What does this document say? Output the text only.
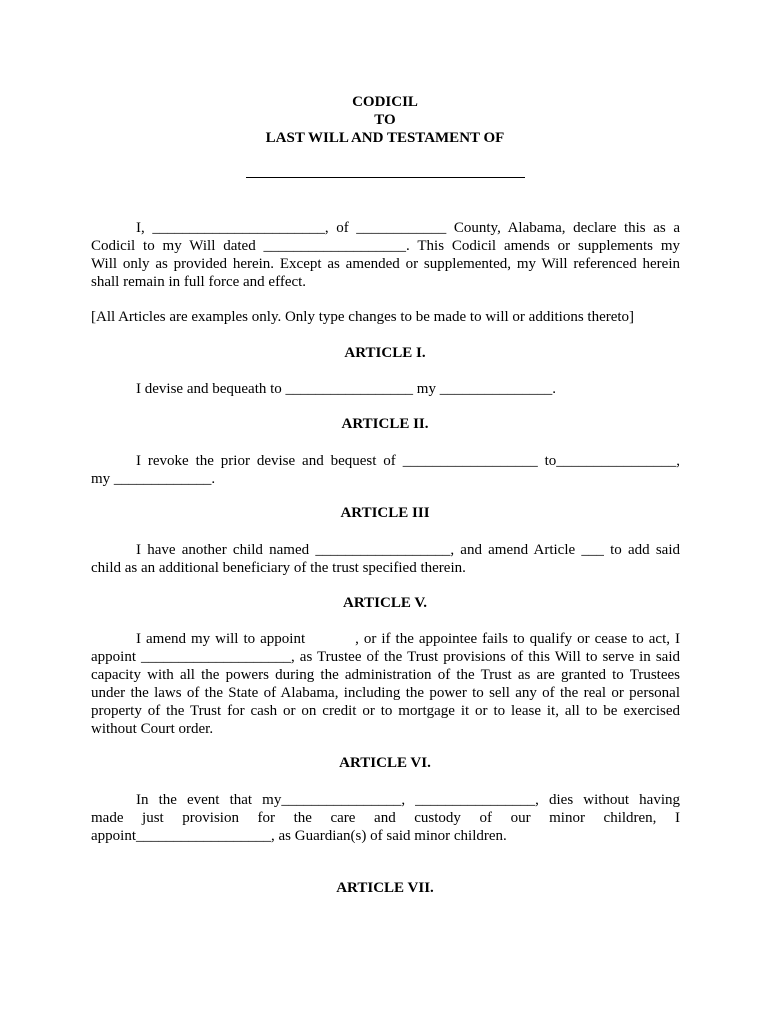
CODICIL
TO
LAST WILL AND TESTAMENT OF

I, _______________________, of ____________ County, Alabama, declare this as a

Codicil to my Will dated ___________________. This Codicil amends or supplements my

Will only as provided herein. Except as amended or supplemented, my Will referenced herein

shall remain in full force and effect.

[All Articles are examples only. Only type changes to be made to will or additions thereto]
ARTICLE I.
I devise and bequeath to _________________ my _______________.
ARTICLE II.

I revoke the prior devise and bequest of __________________ to________________,

my _____________.

ARTICLE III

I have another child named __________________, and amend Article ___ to add said

child as an additional beneficiary of the trust specified therein.

ARTICLE V.

I amend my will to appoint          , or if the appointee fails to qualify or cease to act, I

appoint ____________________, as Trustee of the Trust provisions of this Will to serve in said

capacity with all the powers during the administration of the Trust as are granted to Trustees

under the laws of the State of Alabama, including the power to sell any of the real or personal

property of the Trust for cash or on credit or to mortgage it or to lease it, all to be exercised

without Court order.

ARTICLE VI.

In the event that my________________, ________________, dies without having

made just provision for the care and custody of our minor children, I

appoint__________________, as Guardian(s) of said minor children.

ARTICLE VII.
